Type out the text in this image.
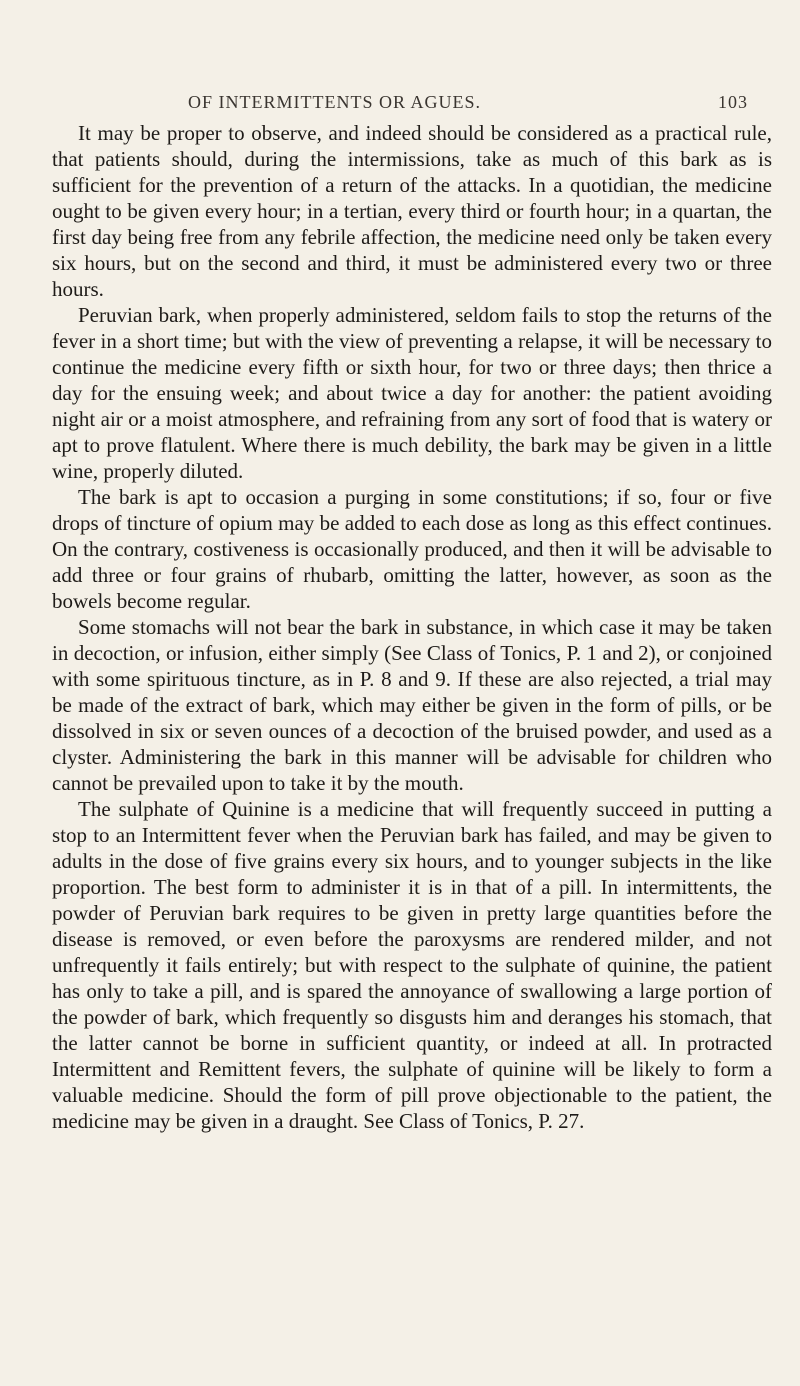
OF INTERMITTENTS OR AGUES.	103

It may be proper to observe, and indeed should be considered as a practical rule, that patients should, during the intermissions, take as much of this bark as is sufficient for the prevention of a return of the attacks. In a quotidian, the medicine ought to be given every hour; in a tertian, every third or fourth hour; in a quartan, the first day being free from any febrile affection, the medicine need only be taken every six hours, but on the second and third, it must be administered every two or three hours.

Peruvian bark, when properly administered, seldom fails to stop the returns of the fever in a short time; but with the view of preventing a relapse, it will be necessary to continue the medicine every fifth or sixth hour, for two or three days; then thrice a day for the ensuing week; and about twice a day for another: the patient avoiding night air or a moist atmosphere, and refraining from any sort of food that is watery or apt to prove flatulent. Where there is much debility, the bark may be given in a little wine, properly diluted.

The bark is apt to occasion a purging in some constitutions; if so, four or five drops of tincture of opium may be added to each dose as long as this effect continues. On the contrary, costiveness is occasionally produced, and then it will be advisable to add three or four grains of rhubarb, omitting the latter, however, as soon as the bowels become regular.

Some stomachs will not bear the bark in substance, in which case it may be taken in decoction, or infusion, either simply (See Class of Tonics, P. 1 and 2), or conjoined with some spirituous tincture, as in P. 8 and 9. If these are also rejected, a trial may be made of the extract of bark, which may either be given in the form of pills, or be dissolved in six or seven ounces of a decoction of the bruised powder, and used as a clyster. Administering the bark in this manner will be advisable for children who cannot be prevailed upon to take it by the mouth.

The sulphate of Quinine is a medicine that will frequently succeed in putting a stop to an Intermittent fever when the Peruvian bark has failed, and may be given to adults in the dose of five grains every six hours, and to younger subjects in the like proportion. The best form to administer it is in that of a pill. In intermittents, the powder of Peruvian bark requires to be given in pretty large quantities before the disease is removed, or even before the paroxysms are rendered milder, and not unfrequently it fails entirely; but with respect to the sulphate of quinine, the patient has only to take a pill, and is spared the annoyance of swallowing a large portion of the powder of bark, which frequently so disgusts him and deranges his stomach, that the latter cannot be borne in sufficient quantity, or indeed at all. In protracted Intermittent and Remittent fevers, the sulphate of quinine will be likely to form a valuable medicine. Should the form of pill prove objectionable to the patient, the medicine may be given in a draught. See Class of Tonics, P. 27.
